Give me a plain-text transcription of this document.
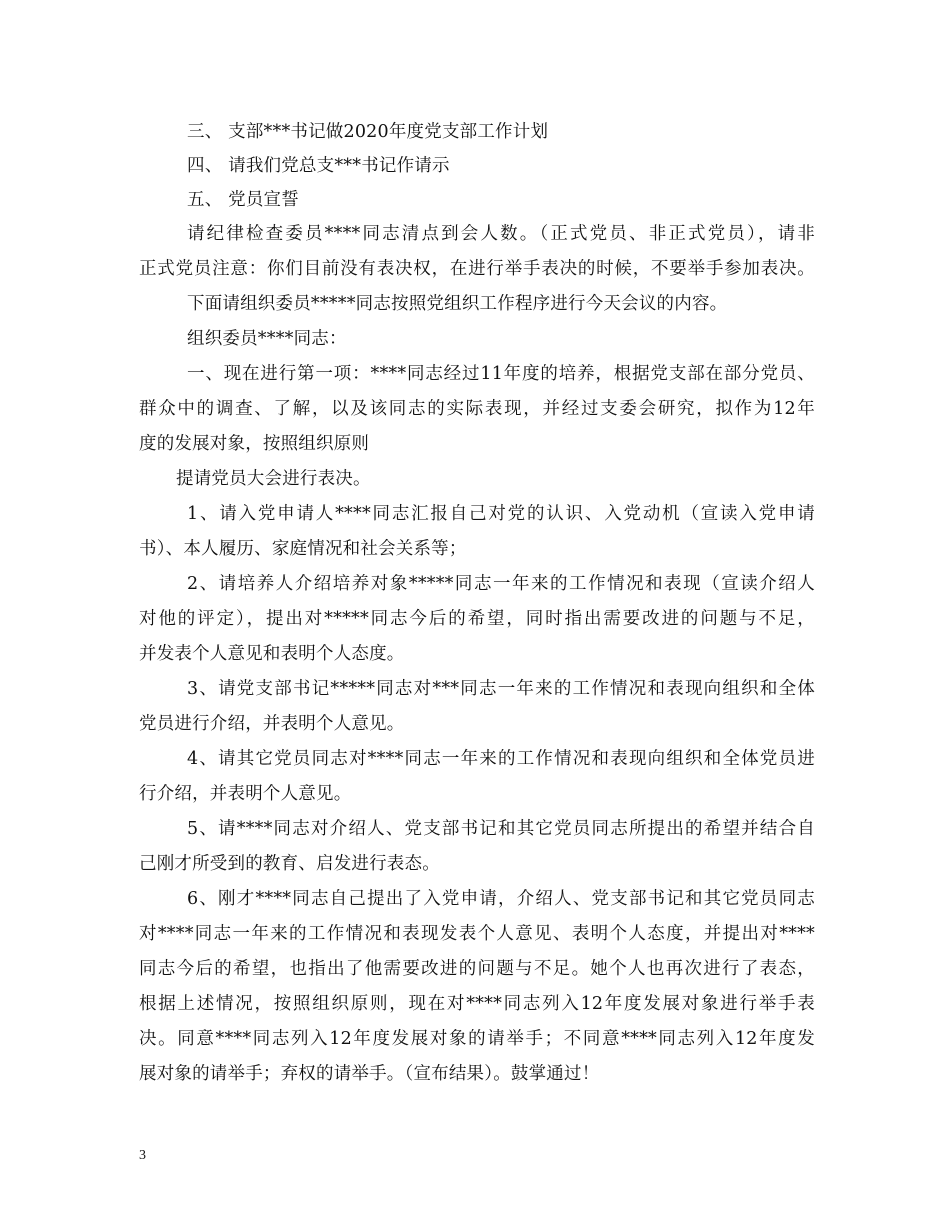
三、 支部***书记做2020年度党支部工作计划
四、 请我们党总支***书记作请示
五、 党员宣誓
请纪律检查委员****同志清点到会人数。（正式党员、非正式党员），请非
正式党员注意：你们目前没有表决权，在进行举手表决的时候，不要举手参加表决。
下面请组织委员*****同志按照党组织工作程序进行今天会议的内容。
组织委员****同志：
一、现在进行第一项：****同志经过11年度的培养，根据党支部在部分党员、
群众中的调查、了解，以及该同志的实际表现，并经过支委会研究，拟作为12年
度的发展对象，按照组织原则
提请党员大会进行表决。
1、请入党申请人****同志汇报自己对党的认识、入党动机（宣读入党申请
书）、本人履历、家庭情况和社会关系等；
2、请培养人介绍培养对象*****同志一年来的工作情况和表现（宣读介绍人
对他的评定），提出对*****同志今后的希望，同时指出需要改进的问题与不足，
并发表个人意见和表明个人态度。
3、请党支部书记*****同志对***同志一年来的工作情况和表现向组织和全体
党员进行介绍，并表明个人意见。
4、请其它党员同志对****同志一年来的工作情况和表现向组织和全体党员进
行介绍，并表明个人意见。
5、请****同志对介绍人、党支部书记和其它党员同志所提出的希望并结合自
己刚才所受到的教育、启发进行表态。
6、刚才****同志自己提出了入党申请，介绍人、党支部书记和其它党员同志
对****同志一年来的工作情况和表现发表个人意见、表明个人态度，并提出对****
同志今后的希望，也指出了他需要改进的问题与不足。她个人也再次进行了表态，
根据上述情况，按照组织原则，现在对****同志列入12年度发展对象进行举手表
决。同意****同志列入12年度发展对象的请举手；不同意****同志列入12年度发
展对象的请举手；弃权的请举手。（宣布结果）。鼓掌通过！
3
